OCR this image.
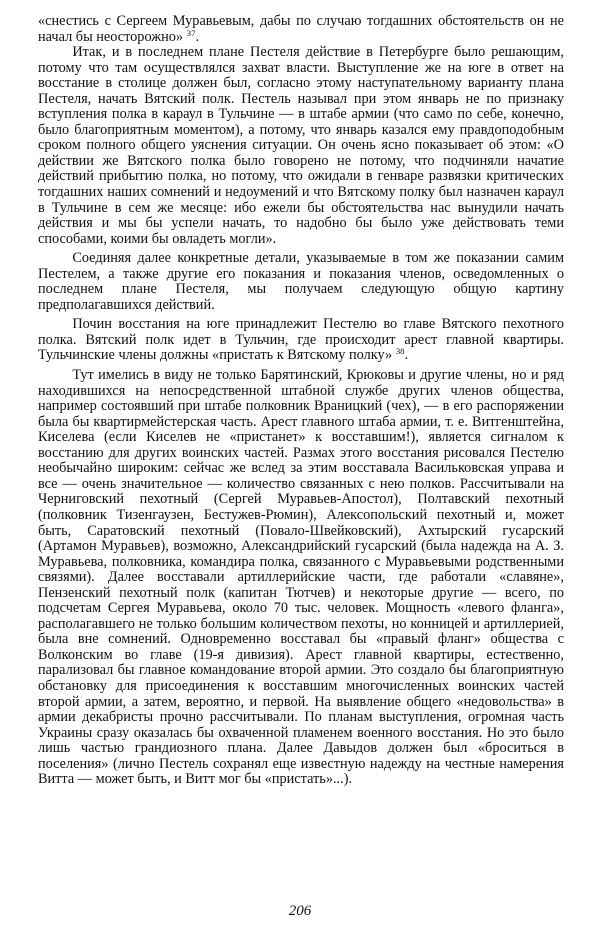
«снестись с Сергеем Муравьевым, дабы по случаю тогдашних обстоятельств он не начал бы неосторожно» $^{37}$.

Итак, и в последнем плане Пестеля действие в Петербурге было решающим, потому что там осуществлялся захват власти. Выступление же на юге в ответ на восстание в столице должен был, согласно этому наступательному варианту плана Пестеля, начать Вятский полк. Пестель называл при этом январь не по признаку вступления полка в караул в Тульчине — в штабе армии (что само по себе, конечно, было благоприятным моментом), а потому, что январь казался ему правдоподобным сроком полного общего уяснения ситуации. Он очень ясно показывает об этом: «О действии же Вятского полка было говорено не потому, что подчиняли начатие действий прибытию полка, но потому, что ожидали в генваре развязки критических тогдашних наших сомнений и недоумений и что Вятскому полку был назначен караул в Тульчине в сем же месяце: ибо ежели бы обстоятельства нас вынудили начать действия и мы бы успели начать, то надобно бы было уже действовать теми способами, коими бы овладеть могли».

Соединяя далее конкретные детали, указываемые в том же показании самим Пестелем, а также другие его показания и показания членов, осведомленных о последнем плане Пестеля, мы получаем следующую общую картину предполагавшихся действий.

Почин восстания на юге принадлежит Пестелю во главе Вятского пехотного полка. Вятский полк идет в Тульчин, где происходит арест главной квартиры. Тульчинские члены должны «пристать к Вятскому полку» $^{38}$.

Тут имелись в виду не только Барятинский, Крюковы и другие члены, но и ряд находившихся на непосредственной штабной службе других членов общества, например состоявший при штабе полковник Враницкий (чех), — в его распоряжении была бы квартирмейстерская часть. Арест главного штаба армии, т. е. Витгенштейна, Киселева (если Киселев не «пристанет» к восставшим!), является сигналом к восстанию для других воинских частей. Размах этого восстания рисовался Пестелю необычайно широким: сейчас же вслед за этим восставала Васильковская управа и все — очень значительное — количество связанных с нею полков. Рассчитывали на Черниговский пехотный (Сергей Муравьев-Апостол), Полтавский пехотный (полковник Тизенгаузен, Бестужев-Рюмин), Алексопольский пехотный и, может быть, Саратовский пехотный (Повало-Швейковский), Ахтырский гусарский (Артамон Муравьев), возможно, Александрийский гусарский (была надежда на А. З. Муравьева, полковника, командира полка, связанного с Муравьевыми родственными связями). Далее восставали артиллерийские части, где работали «славяне», Пензенский пехотный полк (капитан Тютчев) и некоторые другие — всего, по подсчетам Сергея Муравьева, около 70 тыс. человек. Мощность «левого фланга», располагавшего не только большим количеством пехоты, но конницей и артиллерией, была вне сомнений. Одновременно восставал бы «правый фланг» общества с Волконским во главе (19-я дивизия). Арест главной квартиры, естественно, парализовал бы главное командование второй армии. Это создало бы благоприятную обстановку для присоединения к восставшим многочисленных воинских частей второй армии, а затем, вероятно, и первой. На выявление общего «недовольства» в армии декабристы прочно рассчитывали. По планам выступления, огромная часть Украины сразу оказалась бы охваченной пламенем военного восстания. Но это было лишь частью грандиозного плана. Далее Давыдов должен был «броситься в поселения» (лично Пестель сохранял еще известную надежду на честные намерения Витта — может быть, и Витт мог бы «пристать»...).

206
